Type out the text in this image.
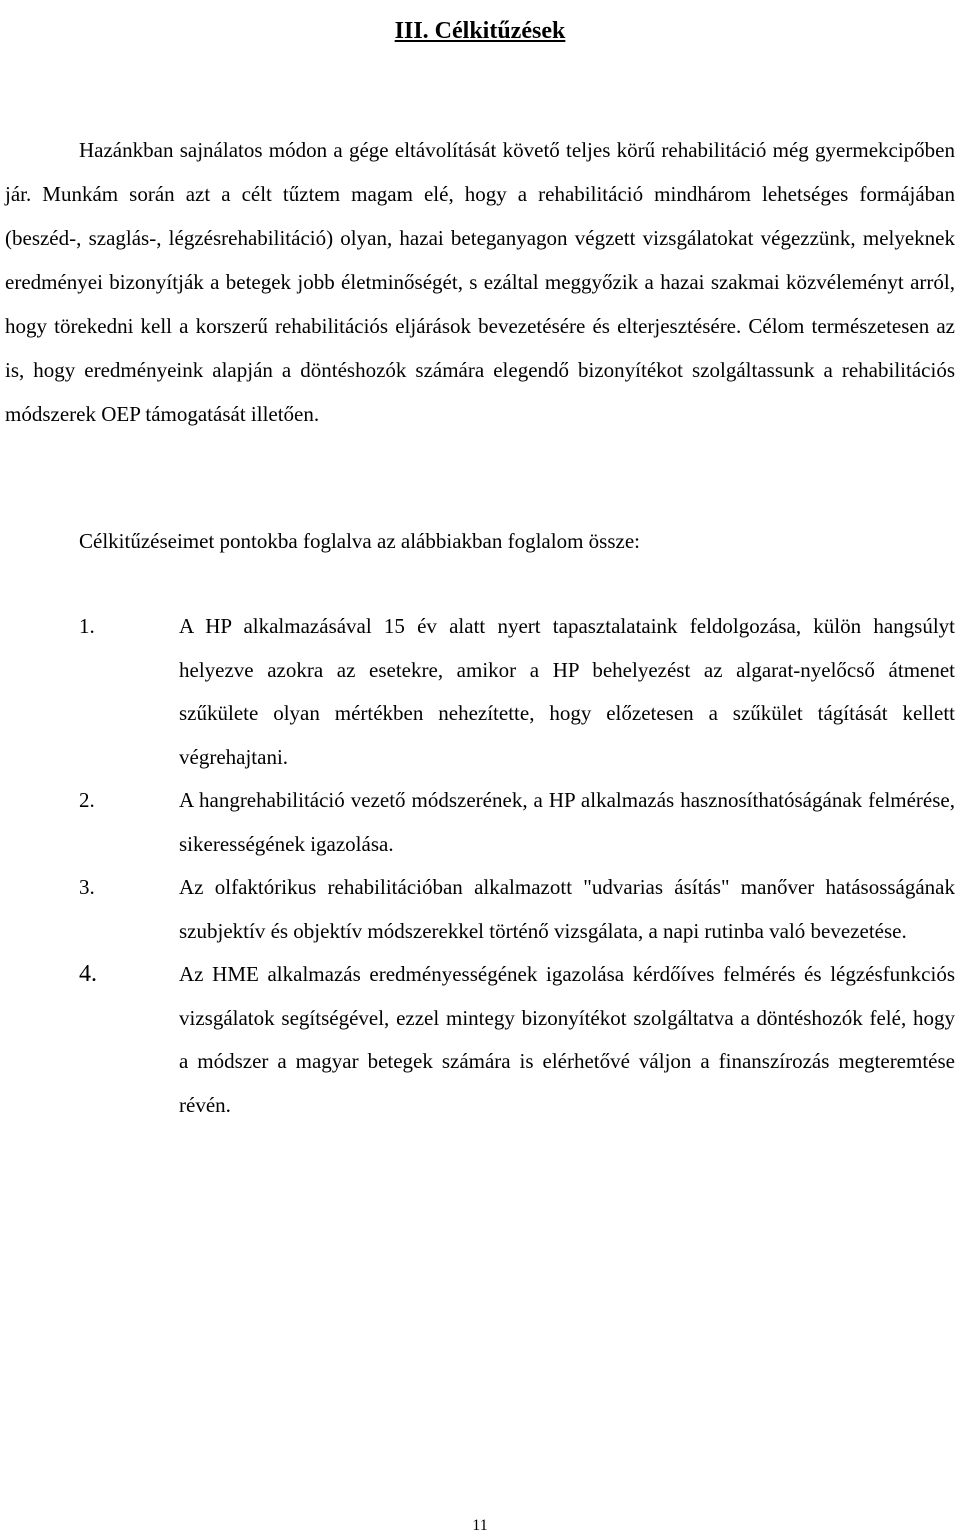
III. Célkitűzések

Hazánkban sajnálatos módon a gége eltávolítását követő teljes körű rehabilitáció még gyermekcipőben jár. Munkám során azt a célt tűztem magam elé, hogy a rehabilitáció mindhárom lehetséges formájában (beszéd-, szaglás-, légzésrehabilitáció) olyan, hazai beteganyagon végzett vizsgálatokat végezzünk, melyeknek eredményei bizonyítják a betegek jobb életminőségét, s ezáltal meggyőzik a hazai szakmai közvéleményt arról, hogy törekedni kell a korszerű rehabilitációs eljárások bevezetésére és elterjesztésére. Célom természetesen az is, hogy eredményeink alapján a döntéshozók számára elegendő bizonyítékot szolgáltassunk a rehabilitációs módszerek OEP támogatását illetően.

Célkitűzéseimet pontokba foglalva az alábbiakban foglalom össze:

1.	A HP alkalmazásával 15 év alatt nyert tapasztalataink feldolgozása, külön hangsúlyt helyezve azokra az esetekre, amikor a HP behelyezést az algarat-nyelőcső átmenet szűkülete olyan mértékben nehezítette, hogy előzetesen a szűkület tágítását kellett végrehajtani.
2.	A hangrehabilitáció vezető módszerének, a HP alkalmazás hasznosíthatóságának felmérése, sikerességének igazolása.
3.	Az olfaktórikus rehabilitációban alkalmazott "udvarias ásítás" manőver hatásosságának szubjektív és objektív módszerekkel történő vizsgálata, a napi rutinba való bevezetése.
4.	Az HME alkalmazás eredményességének igazolása kérdőíves felmérés és légzésfunkciós vizsgálatok segítségével, ezzel mintegy bizonyítékot szolgáltatva a döntéshozók felé, hogy a módszer a magyar betegek számára is elérhetővé váljon a finanszírozás megteremtése révén.
11
